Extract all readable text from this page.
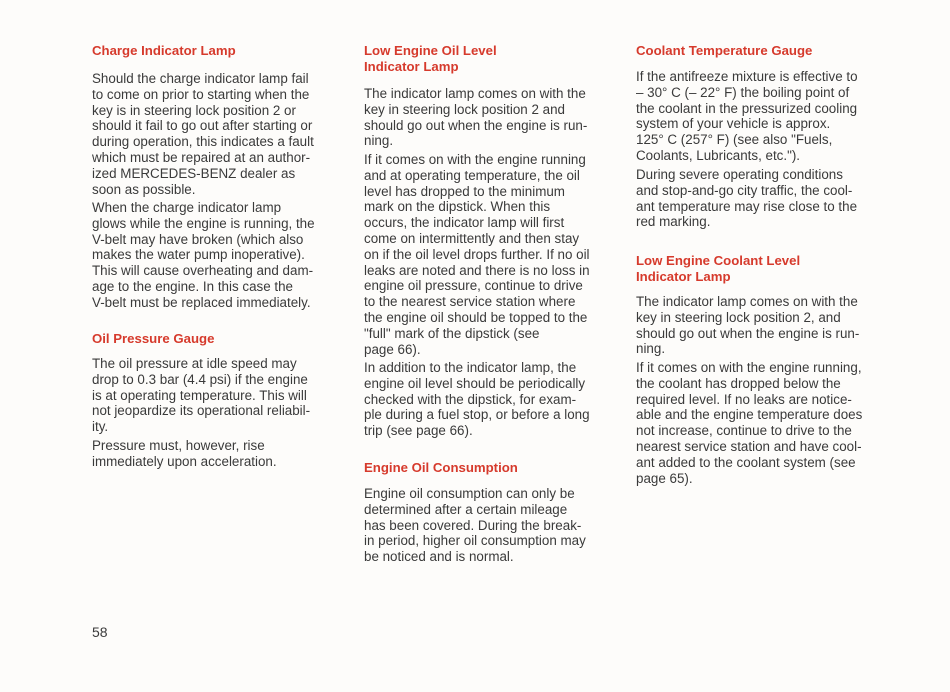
Charge Indicator Lamp

Should the charge indicator lamp fail
to come on prior to starting when the
key is in steering lock position 2 or
should it fail to go out after starting or
during operation, this indicates a fault
which must be repaired at an author-
ized MERCEDES-BENZ dealer as
soon as possible.

When the charge indicator lamp
glows while the engine is running, the
V-belt may have broken (which also
makes the water pump inoperative).
This will cause overheating and dam-
age to the engine. In this case the
V-belt must be replaced immediately.

Oil Pressure Gauge

The oil pressure at idle speed may
drop to 0.3 bar (4.4 psi) if the engine
is at operating temperature. This will
not jeopardize its operational reliabil-
ity.

Pressure must, however, rise
immediately upon acceleration.

Low Engine Oil Level
Indicator Lamp

The indicator lamp comes on with the
key in steering lock position 2 and
should go out when the engine is run-
ning.

If it comes on with the engine running
and at operating temperature, the oil
level has dropped to the minimum
mark on the dipstick. When this
occurs, the indicator lamp will first
come on intermittently and then stay
on if the oil level drops further. If no oil
leaks are noted and there is no loss in
engine oil pressure, continue to drive
to the nearest service station where
the engine oil should be topped to the
"full" mark of the dipstick (see
page 66).

In addition to the indicator lamp, the
engine oil level should be periodically
checked with the dipstick, for exam-
ple during a fuel stop, or before a long
trip (see page 66).

Engine Oil Consumption

Engine oil consumption can only be
determined after a certain mileage
has been covered. During the break-
in period, higher oil consumption may
be noticed and is normal.

Coolant Temperature Gauge

If the antifreeze mixture is effective to
– 30° C (– 22° F) the boiling point of
the coolant in the pressurized cooling
system of your vehicle is approx.
125° C (257° F) (see also "Fuels,
Coolants, Lubricants, etc.").

During severe operating conditions
and stop-and-go city traffic, the cool-
ant temperature may rise close to the
red marking.

Low Engine Coolant Level
Indicator Lamp

The indicator lamp comes on with the
key in steering lock position 2, and
should go out when the engine is run-
ning.

If it comes on with the engine running,
the coolant has dropped below the
required level. If no leaks are notice-
able and the engine temperature does
not increase, continue to drive to the
nearest service station and have cool-
ant added to the coolant system (see
page 65).

58
